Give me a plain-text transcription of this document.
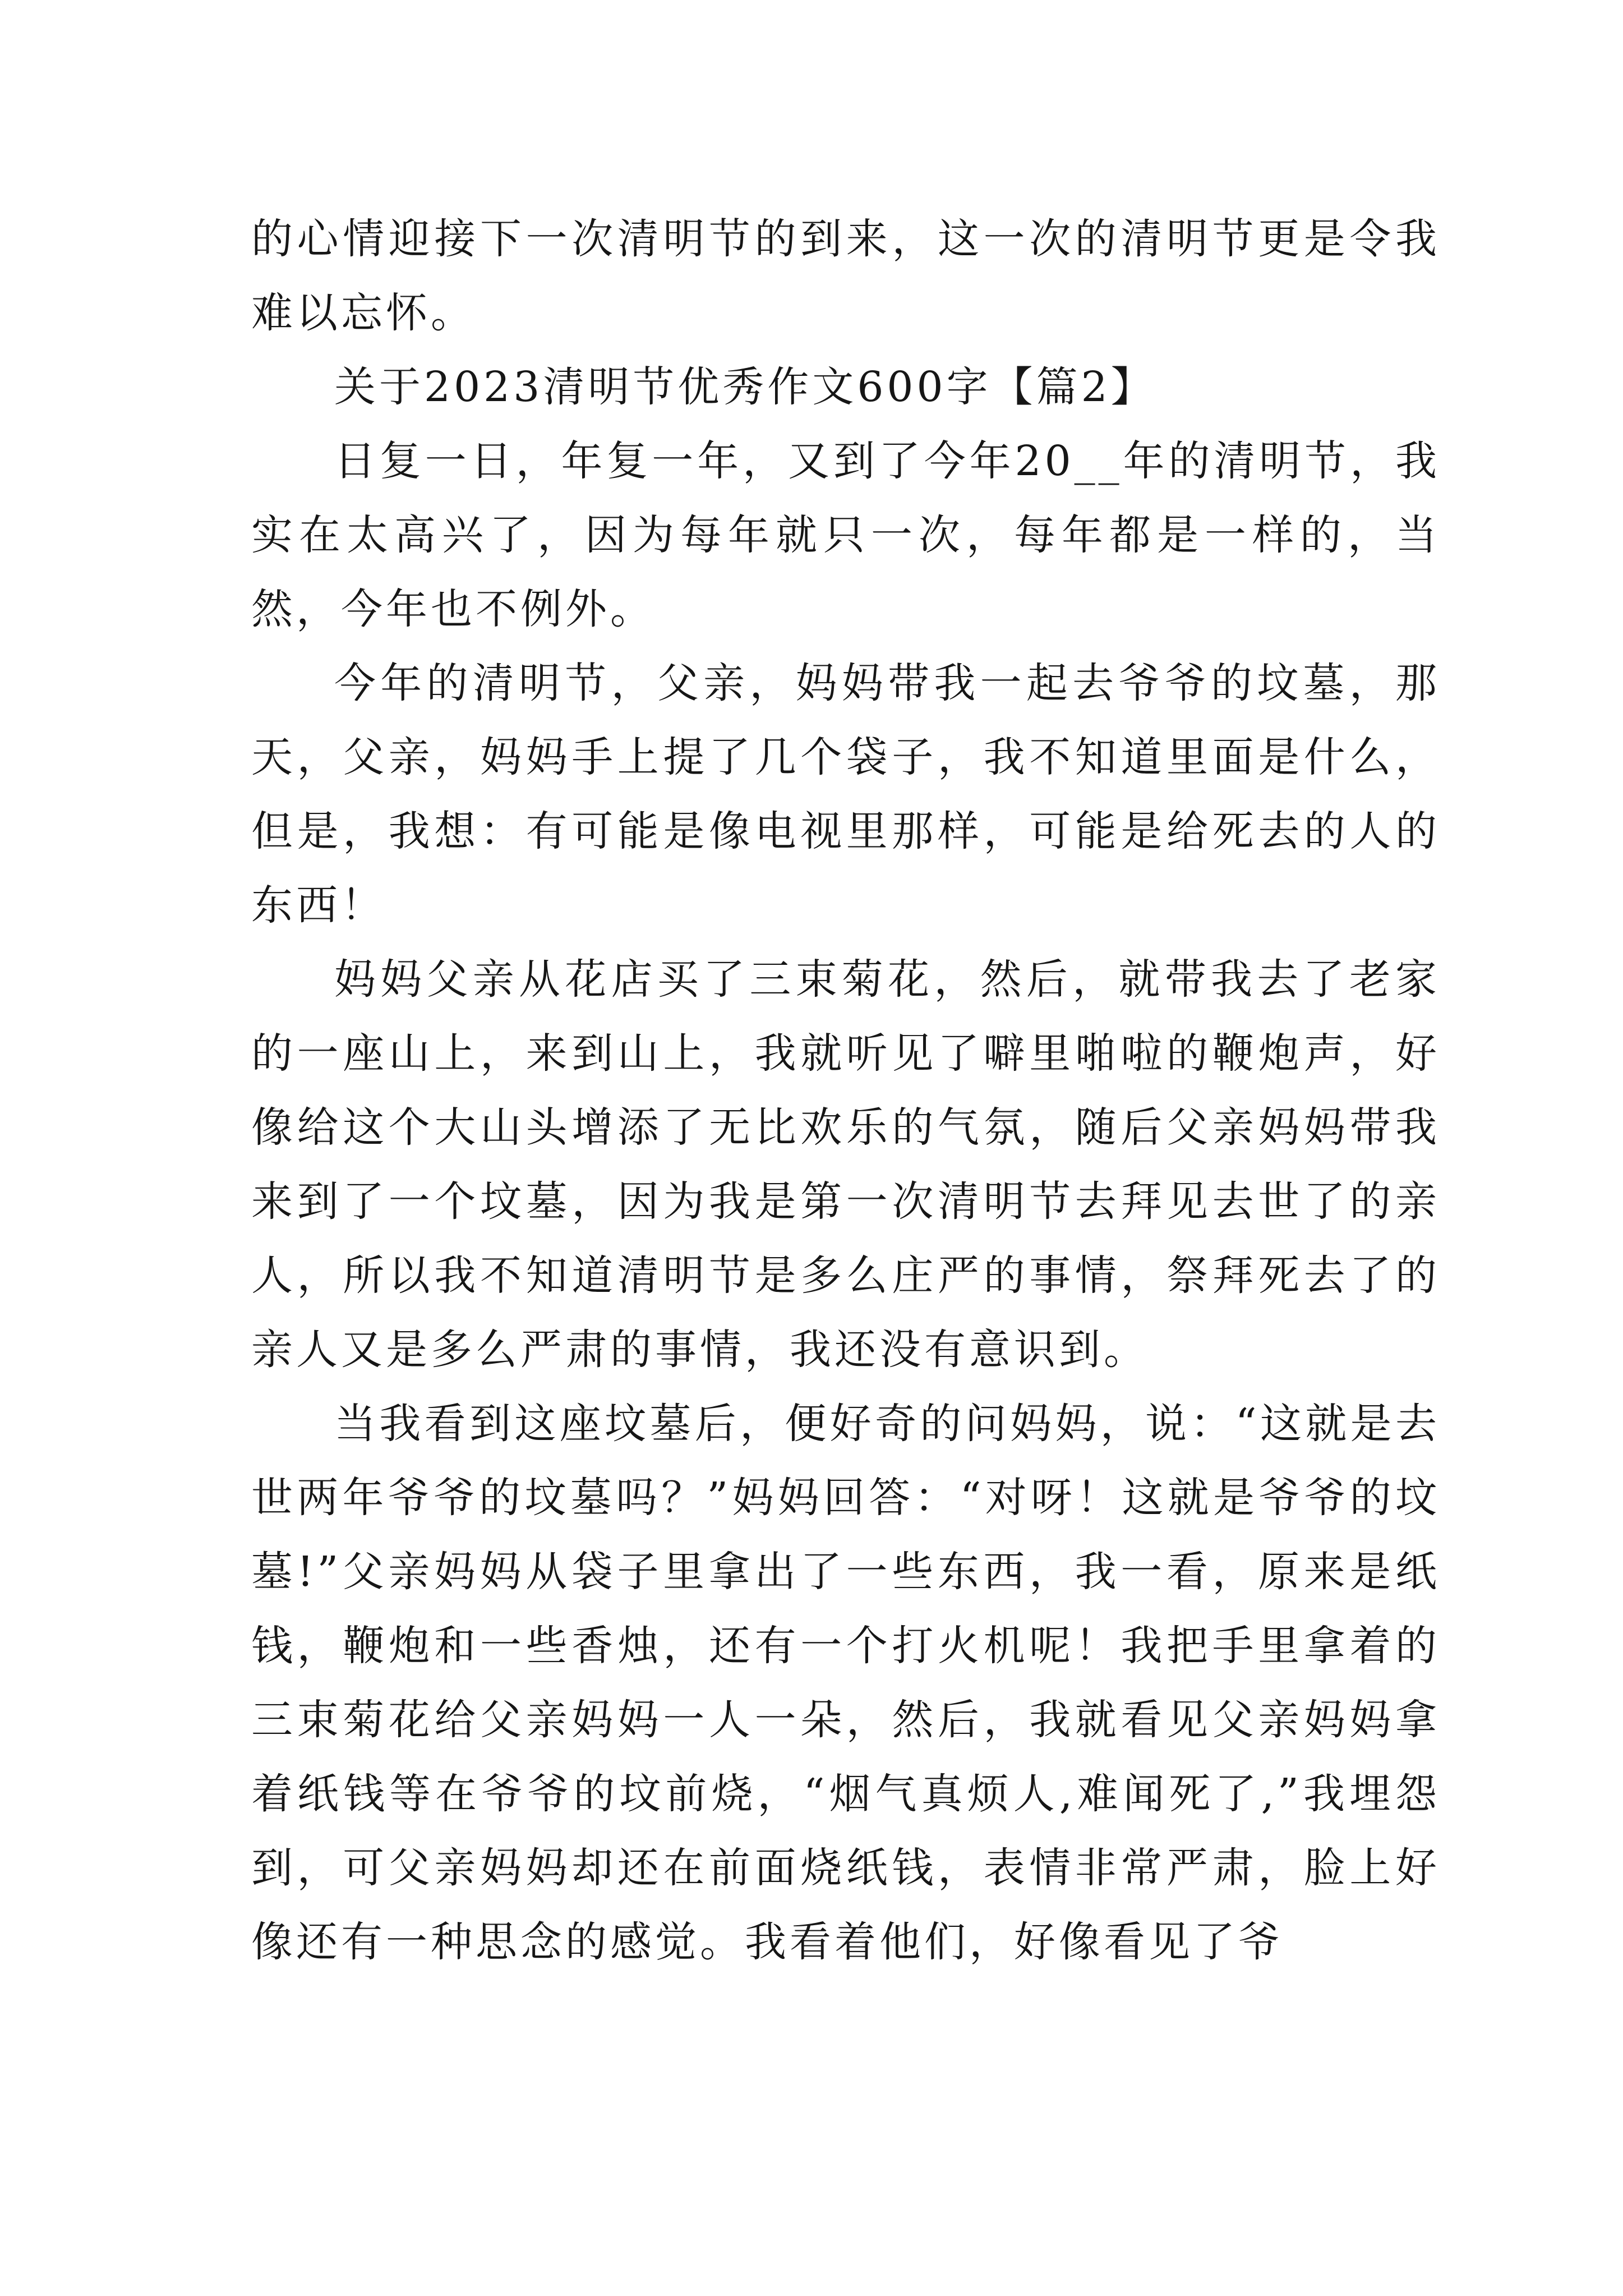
的心情迎接下一次清明节的到来，这一次的清明节更是令我难以忘怀。

关于2023清明节优秀作文600字【篇2】

日复一日，年复一年，又到了今年20__年的清明节，我实在太高兴了，因为每年就只一次，每年都是一样的，当然，今年也不例外。

今年的清明节，父亲，妈妈带我一起去爷爷的坟墓，那天，父亲，妈妈手上提了几个袋子，我不知道里面是什么，但是，我想：有可能是像电视里那样，可能是给死去的人的东西！

妈妈父亲从花店买了三束菊花，然后，就带我去了老家的一座山上，来到山上，我就听见了噼里啪啦的鞭炮声，好像给这个大山头增添了无比欢乐的气氛，随后父亲妈妈带我来到了一个坟墓，因为我是第一次清明节去拜见去世了的亲人，所以我不知道清明节是多么庄严的事情，祭拜死去了的亲人又是多么严肃的事情，我还没有意识到。

当我看到这座坟墓后，便好奇的问妈妈，说：“这就是去世两年爷爷的坟墓吗？”妈妈回答：“对呀！这就是爷爷的坟墓!”父亲妈妈从袋子里拿出了一些东西，我一看，原来是纸钱，鞭炮和一些香烛，还有一个打火机呢！我把手里拿着的三束菊花给父亲妈妈一人一朵，然后，我就看见父亲妈妈拿着纸钱等在爷爷的坟前烧，“烟气真烦人,难闻死了,”我埋怨到，可父亲妈妈却还在前面烧纸钱，表情非常严肃，脸上好像还有一种思念的感觉。我看着他们，好像看见了爷
